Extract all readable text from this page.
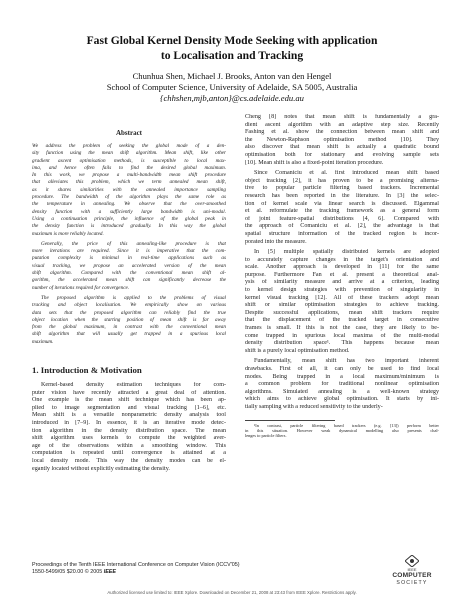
Fast Global Kernel Density Mode Seeking with application
to Localisation and Tracking
Chunhua Shen, Michael J. Brooks, Anton van den Hengel
School of Computer Science, University of Adelaide, SA 5005, Australia
{chhshen,mjb,anton}@cs.adelaide.edu.au
Abstract
We address the problem of seeking the global mode of a den-
sity function using the mean shift algorithm. Mean shift, like other
gradient ascent optimisation methods, is susceptible to local max-
ima, and hence often fails to find the desired global maximum.
In this work, we propose a multi-bandwidth mean shift procedure
that alleviates this problem, which we term annealed mean shift,
as it shares similarities with the annealed importance sampling
procedure. The bandwidth of the algorithm plays the same role as
the temperature in annealing. We observe that the over-smoothed
density function with a sufficiently large bandwidth is uni-modal.
Using a continuation principle, the influence of the global peak in
the density function is introduced gradually. In this way the global
maximum is more reliably located.
Generally, the price of this annealing-like procedure is that
more iterations are required. Since it is imperative that the com-
putation complexity is minimal in real-time applications such as
visual tracking, we propose an accelerated version of the mean
shift algorithm. Compared with the conventional mean shift al-
gorithm, the accelerated mean shift can significantly decrease the
number of iterations required for convergence.
The proposed algorithm is applied to the problems of visual
tracking and object localisation. We empirically show on various
data sets that the proposed algorithm can reliably find the true
object location when the starting position of mean shift is far away
from the global maximum, in contrast with the conventional mean
shift algorithm that will usually get trapped in a spurious local
maximum.
1. Introduction & Motivation
Kernel-based density estimation techniques for com-
puter vision have recently attracted a great deal of attention.
One example is the mean shift technique which has been ap-
plied to image segmentation and visual tracking [1–6], etc.
Mean shift is a versatile nonparametric density analysis tool
introduced in [7–9]. In essence, it is an iterative mode detec-
tion algorithm in the density distribution space. The mean
shift algorithm uses kernels to compute the weighted aver-
age of the observations within a smoothing window. This
computation is repeated until convergence is attained at a
local density mode. This way the density modes can be el-
egantly located without explicitly estimating the density.
Cheng [8] notes that mean shift is fundamentally a gra-
dient ascent algorithm with an adaptive step size. Recently
Fashing et al. show the connection between mean shift and
the Newton-Raphson optimisation method [10]. They
also discover that mean shift is actually a quadratic bound
optimisation both for stationary and evolving sample sets
[10]. Mean shift is also a fixed-point iteration procedure.
Since Comaniciu et al. first introduced mean shift based
object tracking [2], it has proven to be a promising alterna-
tive to popular particle filtering based trackers. Incremental
research has been reported in the literature. In [3] the selec-
tion of kernel scale via linear search is discussed. Elgammal
et al. reformulate the tracking framework as a general form
of joint feature-spatial distributions [4, 6]. Compared with
the approach of Comaniciu et al. [2], the advantage is that
spatial structure information of the tracked region is incor-
porated into the measure.
In [5] multiple spatially distributed kernels are adopted
to accurately capture changes in the target's orientation and
scale. Another approach is developed in [11] for the same
purpose. Furthermore Fan et al. present a theoretical anal-
ysis of similarity measure and arrive at a criterion, leading
to kernel design strategies with prevention of singularity in
kernel visual tracking [12]. All of these trackers adopt mean
shift or similar optimisation strategies to achieve tracking.
Despite successful applications, mean shift trackers require
that the displacement of the tracked target in consecutive
frames is small. If this is not the case, they are likely to be-
come trapped in spurious local maxima of the multi-modal
density distribution space¹. This happens because mean
shift is a purely local optimisation method.
Fundamentally, mean shift has two important inherent
drawbacks. First of all, it can only be used to find local
modes. Being trapped in a local maximum/minimum is
a common problem for traditional nonlinear optimisation
algorithms. Simulated annealing is a well-known strategy
which aims to achieve global optimisation. It starts by ini-
tially sampling with a reduced sensitivity to the underly-
¹In contrast, particle filtering based trackers (e.g. [13]) perform better
in this situation. However weak dynamical modelling also presents chal-
lenges to particle filters.
Proceedings of the Tenth IEEE International Conference on Computer Vision (ICCV'05)
1550-5499/05 $20.00 © 2005 IEEE	IEEE
COMPUTER
SOCIETY
Authorized licensed use limited to: IEEE Xplore. Downloaded on December 21, 2008 at 23:43 from IEEE Xplore. Restrictions apply.
